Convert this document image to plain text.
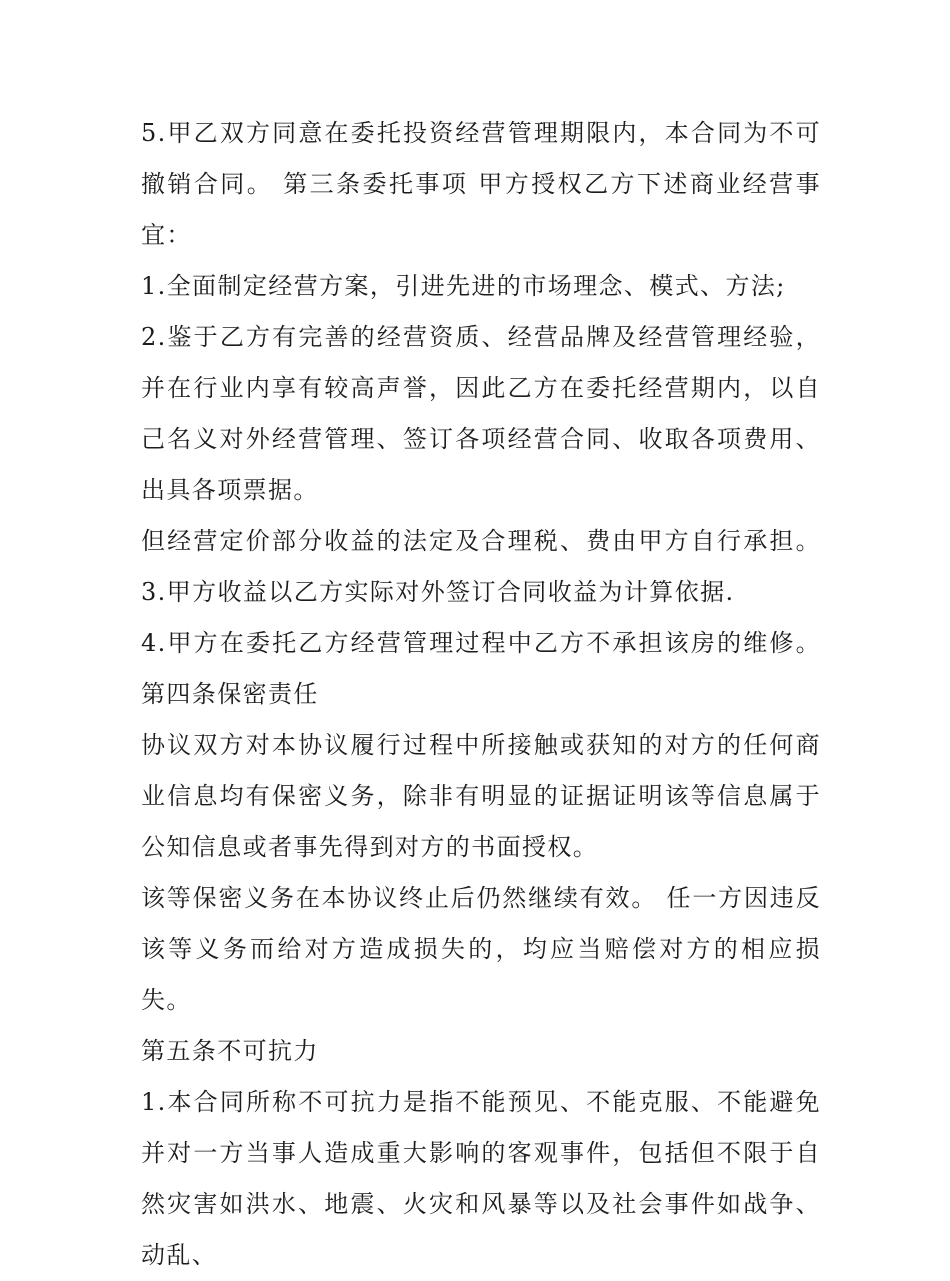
5.甲乙双方同意在委托投资经营管理期限内，本合同为不可撤销合同。 第三条委托事项 甲方授权乙方下述商业经营事宜：

1.全面制定经营方案，引进先进的市场理念、模式、方法;

2.鉴于乙方有完善的经营资质、经营品牌及经营管理经验，并在行业内享有较高声誉，因此乙方在委托经营期内，以自己名义对外经营管理、签订各项经营合同、收取各项费用、出具各项票据。

但经营定价部分收益的法定及合理税、费由甲方自行承担。 3.甲方收益以乙方实际对外签订合同收益为计算依据.

4.甲方在委托乙方经营管理过程中乙方不承担该房的维修。 第四条保密责任

协议双方对本协议履行过程中所接触或获知的对方的任何商业信息均有保密义务，除非有明显的证据证明该等信息属于公知信息或者事先得到对方的书面授权。

该等保密义务在本协议终止后仍然继续有效。 任一方因违反该等义务而给对方造成损失的，均应当赔偿对方的相应损失。

第五条不可抗力

1.本合同所称不可抗力是指不能预见、不能克服、不能避免并对一方当事人造成重大影响的客观事件，包括但不限于自然灾害如洪水、地震、火灾和风暴等以及社会事件如战争、动乱、
